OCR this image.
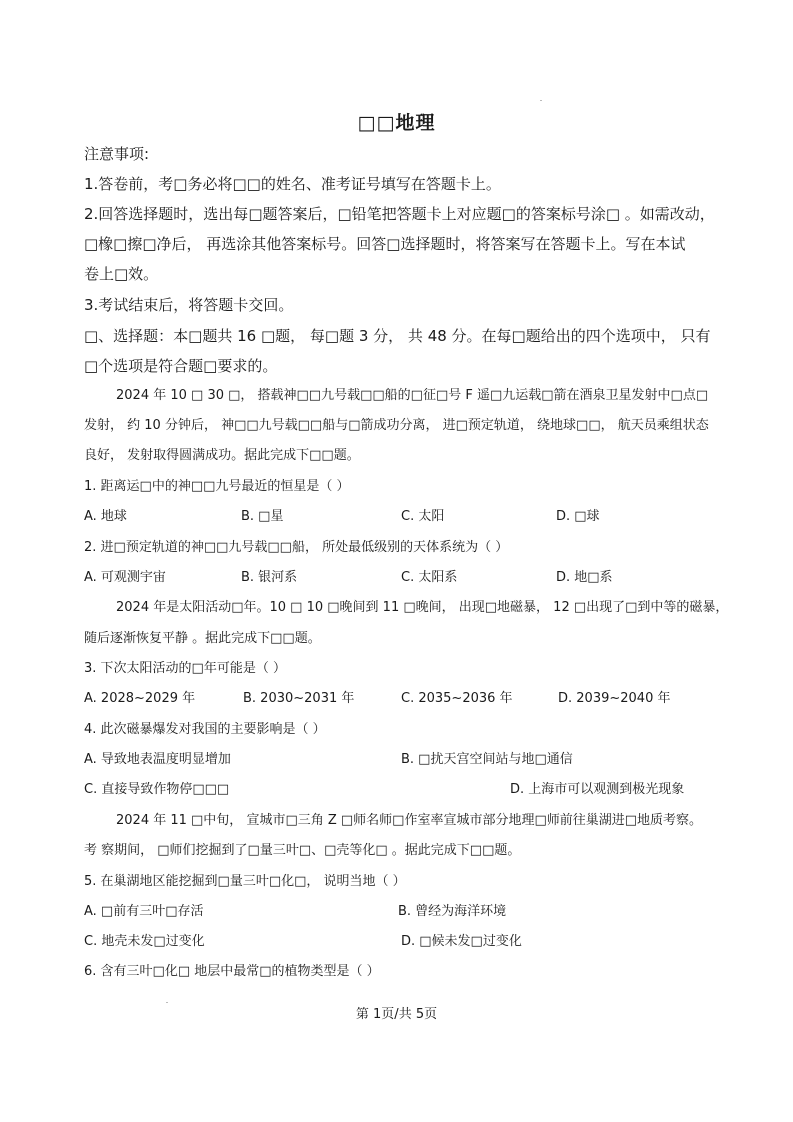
□□地理
注意事项:
1.答卷前，考□务必将□□的姓名、准考证号填写在答题卡上。
2.回答选择题时，选出每□题答案后，□铅笔把答题卡上对应题□的答案标号涂□ 。如需改动，
□橡□擦□净后， 再选涂其他答案标号。回答□选择题时，将答案写在答题卡上。写在本试
卷上□效。
3.考试结束后，将答题卡交回。
□、选择题：本□题共 16 □题， 每□题 3 分， 共 48 分。在每□题给出的四个选项中， 只有
□个选项是符合题□要求的。
2024 年 10 □ 30 □， 搭载神□□九号载□□船的□征□号 F 遥□九运载□箭在酒泉卫星发射中□点□
发射， 约 10 分钟后， 神□□九号载□□船与□箭成功分离， 进□预定轨道， 绕地球□□， 航天员乘组状态
良好， 发射取得圆满成功。据此完成下□□题。
1. 距离运□中的神□□九号最近的恒星是（ ）
A. 地球	B. □星	C. 太阳	D. □球
2. 进□预定轨道的神□□九号载□□船， 所处最低级别的天体系统为（ ）
A. 可观测宇宙	B. 银河系	C. 太阳系	D. 地□系
2024 年是太阳活动□年。10 □ 10 □晚间到 11 □晚间， 出现□地磁暴， 12 □出现了□到中等的磁暴，
随后逐渐恢复平静 。据此完成下□□题。
3. 下次太阳活动的□年可能是（ ）
A. 2028~2029 年	B. 2030~2031 年	C. 2035~2036 年	D. 2039~2040 年
4. 此次磁暴爆发对我国的主要影响是（ ）
A. 导致地表温度明显增加	B. □扰天宫空间站与地□通信
C. 直接导致作物停□□□	D. 上海市可以观测到极光现象
2024 年 11 □中旬， 宣城市□三角 Z □师名师□作室率宣城市部分地理□师前往巢湖进□地质考察。
考 察期间， □师们挖掘到了□量三叶□、□壳等化□ 。据此完成下□□题。
5. 在巢湖地区能挖掘到□量三叶□化□， 说明当地（ ）
A. □前有三叶□存活	B. 曾经为海洋环境
C. 地壳未发□过变化	D. □候未发□过变化
6. 含有三叶□化□ 地层中最常□的植物类型是（ ）
第 1页/共 5页
